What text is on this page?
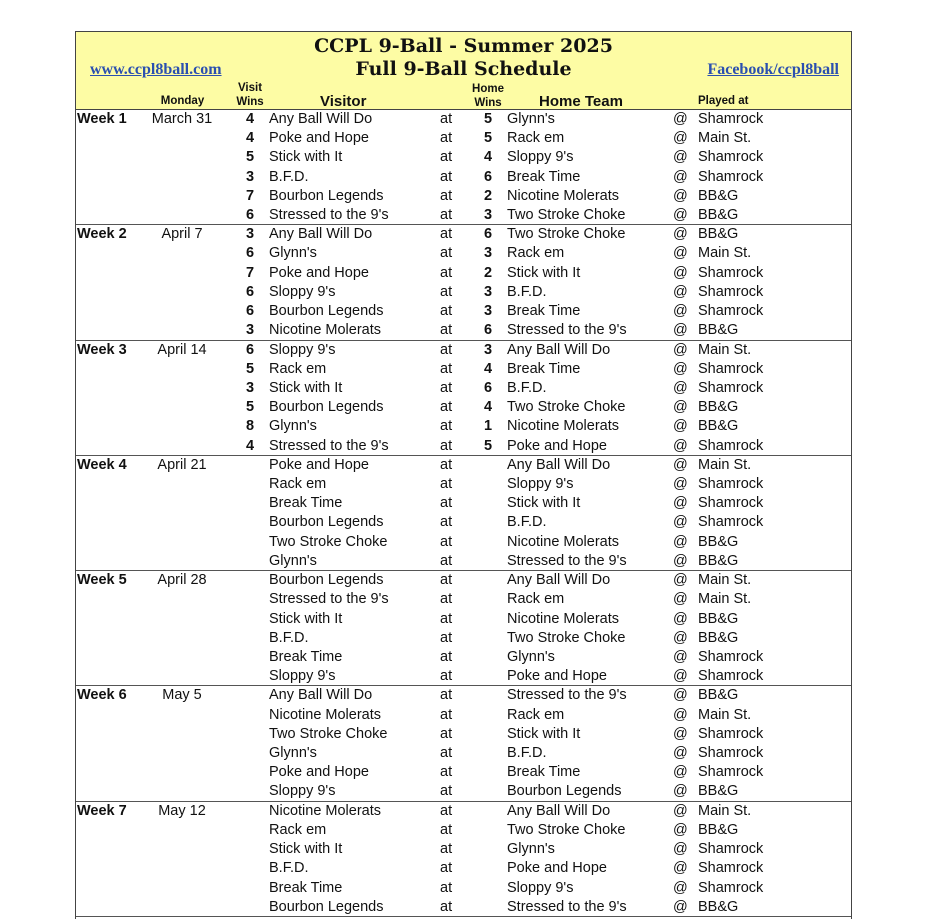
CCPL 9-Ball - Summer 2025
Full 9-Ball Schedule
www.ccpl8ball.com	Facebook/ccpl8ball
Monday
Visit
Wins	Visitor
Home
Wins Home Team	Played at
Week 1	March 31	4 Any Ball Will Do	at 5 Glynn's	@ Shamrock
4 Poke and Hope	at 5 Rack em	@ Main St.
5 Stick with It	at 4 Sloppy 9's	@ Shamrock
3 B.F.D.	at 6 Break Time	@ Shamrock
7 Bourbon Legends	at 2 Nicotine Molerats	@ BB&G
6 Stressed to the 9's	at 3 Two Stroke Choke	@ BB&G
Week 2	April 7	3 Any Ball Will Do	at 6 Two Stroke Choke	@ BB&G
6 Glynn's	at 3 Rack em	@ Main St.
7 Poke and Hope	at 2 Stick with It	@ Shamrock
6 Sloppy 9's	at 3 B.F.D.	@ Shamrock
6 Bourbon Legends	at 3 Break Time	@ Shamrock
3 Nicotine Molerats	at 6 Stressed to the 9's	@ BB&G
Week 3	April 14	6 Sloppy 9's	at 3 Any Ball Will Do	@ Main St.
5 Rack em	at 4 Break Time	@ Shamrock
3 Stick with It	at 6 B.F.D.	@ Shamrock
5 Bourbon Legends	at 4 Two Stroke Choke	@ BB&G
8 Glynn's	at 1 Nicotine Molerats	@ BB&G
4 Stressed to the 9's	at 5 Poke and Hope	@ Shamrock
Week 4	April 21	Poke and Hope	at	Any Ball Will Do	@ Main St.
Rack em	at	Sloppy 9's	@ Shamrock
Break Time	at	Stick with It	@ Shamrock
Bourbon Legends	at	B.F.D.	@ Shamrock
Two Stroke Choke	at	Nicotine Molerats	@ BB&G
Glynn's	at	Stressed to the 9's	@ BB&G
Week 5	April 28	Bourbon Legends	at	Any Ball Will Do	@ Main St.
Stressed to the 9's	at	Rack em	@ Main St.
Stick with It	at	Nicotine Molerats	@ BB&G
B.F.D.	at	Two Stroke Choke	@ BB&G
Break Time	at	Glynn's	@ Shamrock
Sloppy 9's	at	Poke and Hope	@ Shamrock
Week 6	May 5	Any Ball Will Do	at	Stressed to the 9's	@ BB&G
Nicotine Molerats	at	Rack em	@ Main St.
Two Stroke Choke	at	Stick with It	@ Shamrock
Glynn's	at	B.F.D.	@ Shamrock
Poke and Hope	at	Break Time	@ Shamrock
Sloppy 9's	at	Bourbon Legends	@ BB&G
Week 7	May 12	Nicotine Molerats	at	Any Ball Will Do	@ Main St.
Rack em	at	Two Stroke Choke	@ BB&G
Stick with It	at	Glynn's	@ Shamrock
B.F.D.	at	Poke and Hope	@ Shamrock
Break Time	at	Sloppy 9's	@ Shamrock
Bourbon Legends	at	Stressed to the 9's	@ BB&G
